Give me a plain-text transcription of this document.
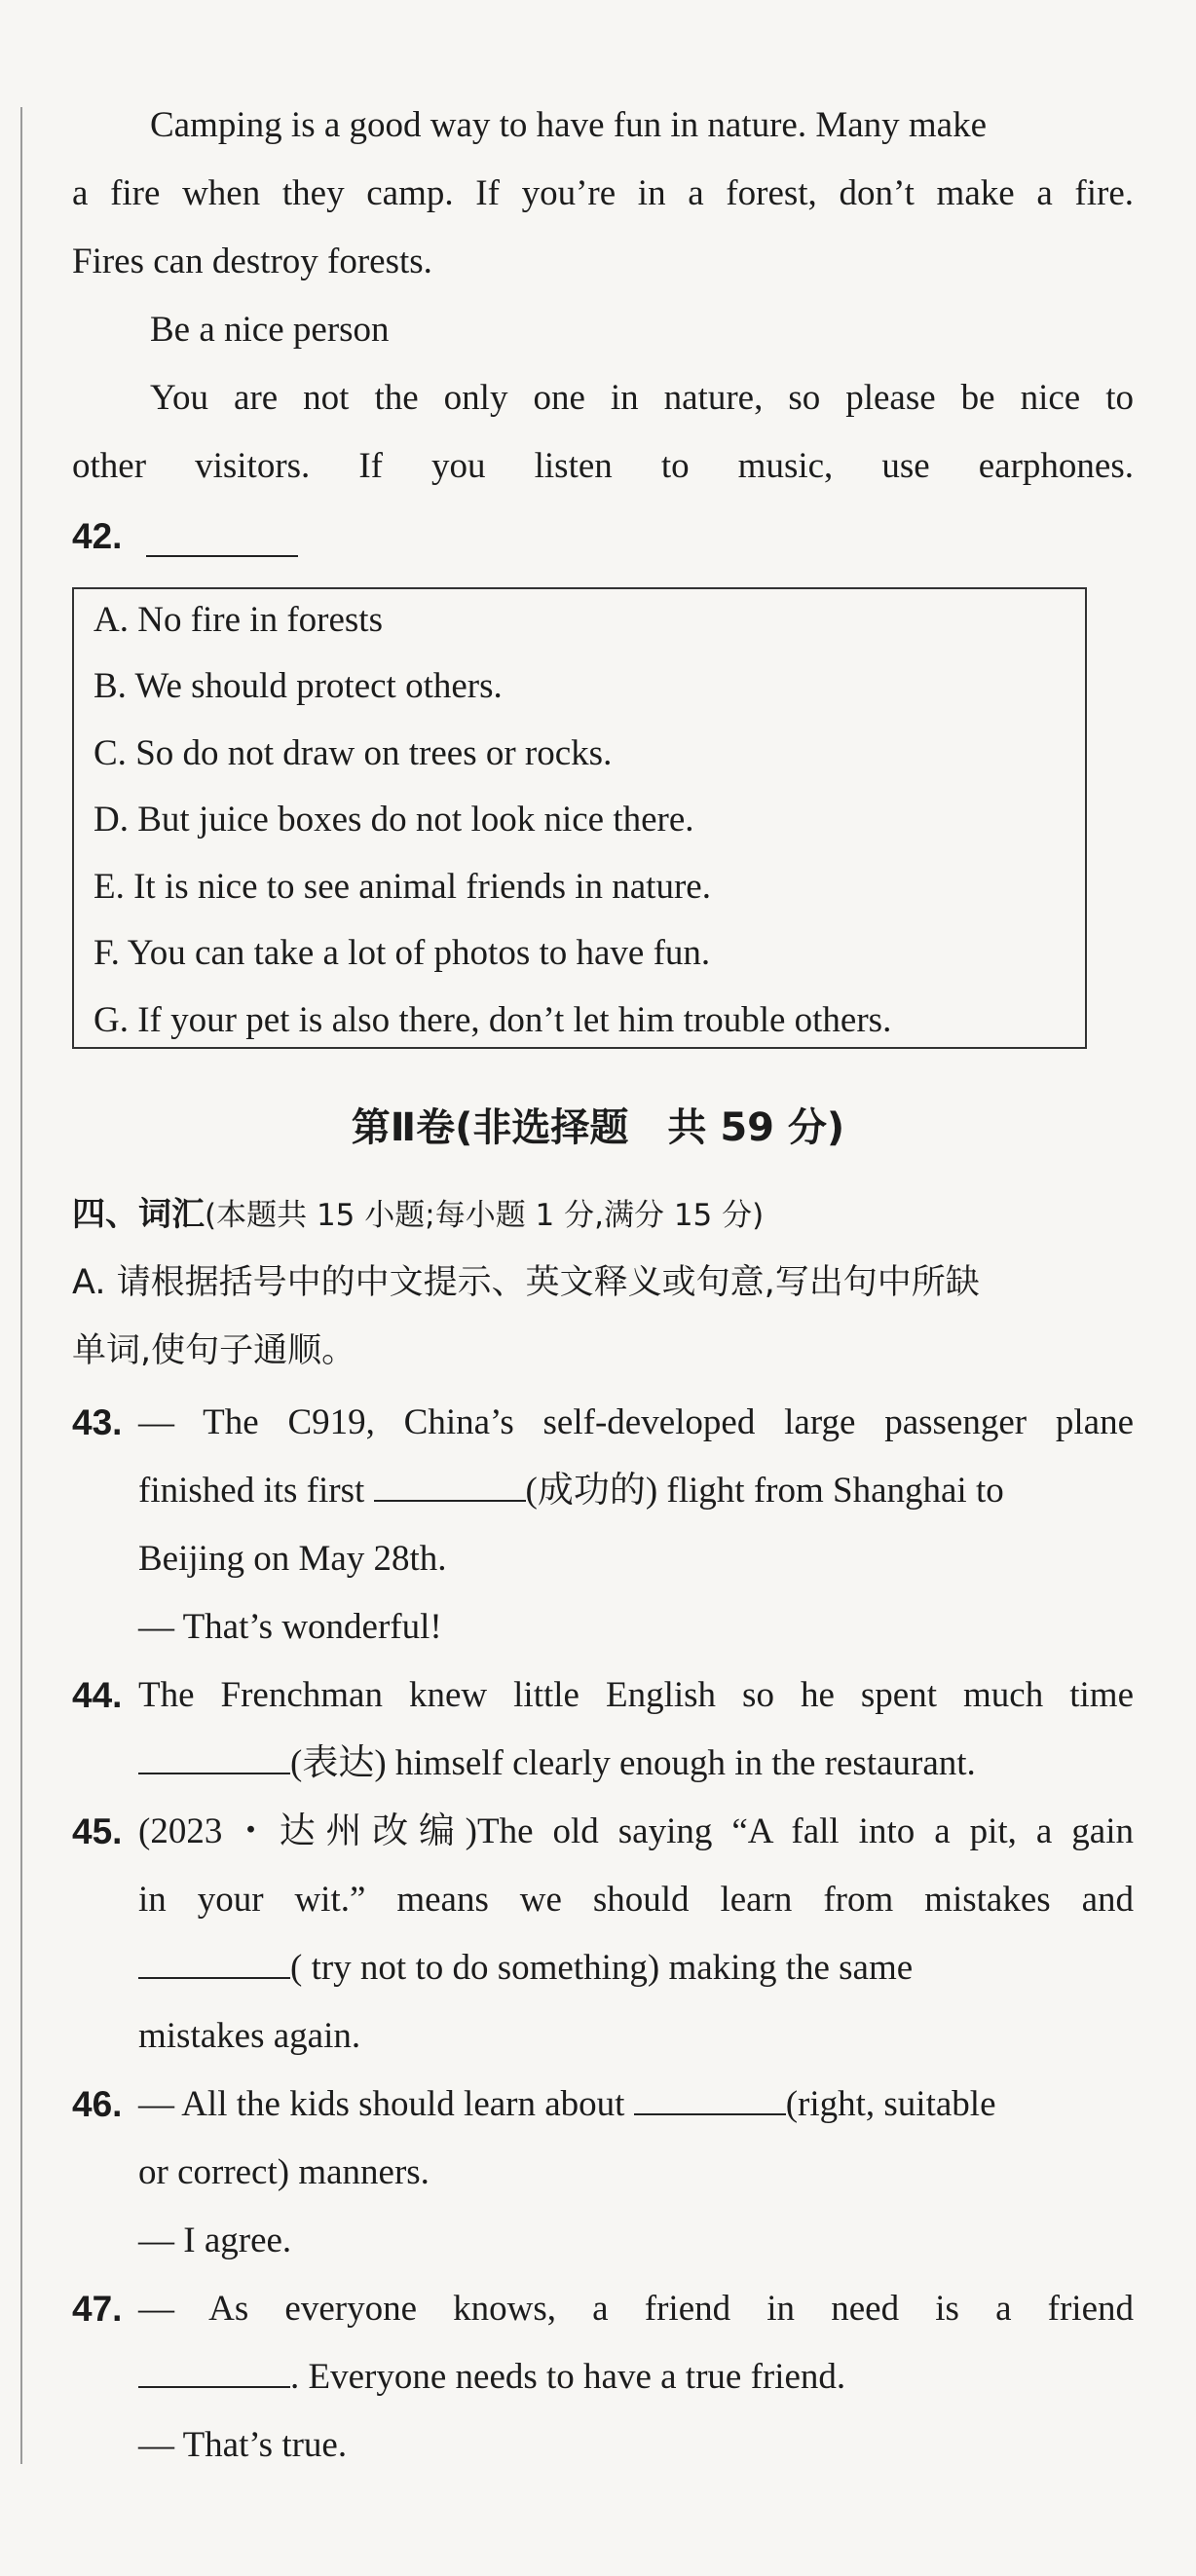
Camping is a good way to have fun in nature. Many make
a fire when they camp. If you’re in a forest, don’t make a fire.
Fires can destroy forests.
Be a nice person
You are not the only one in nature, so please be nice to
other visitors. If you listen to music, use earphones.
42.
A. No fire in forests
B. We should protect others.
C. So do not draw on trees or rocks.
D. But juice boxes do not look nice there.
E. It is nice to see animal friends in nature.
F. You can take a lot of photos to have fun.
G. If your pet is also there, don’t let him trouble others.
第Ⅱ卷(非选择题　共 59 分)
四、词汇(本题共 15 小题;每小题 1 分,满分 15 分)
A. 请根据括号中的中文提示、英文释义或句意,写出句中所缺
单词,使句子通顺。
43. — The C919, China’s self-developed large passenger plane
finished its first	(成功的) flight from Shanghai to
Beijing on May 28th.
— That’s wonderful!
44. The Frenchman knew little English so he spent much time
(表达) himself clearly enough in the restaurant.
45. (2023・达州改编)The old saying “A fall into a pit, a gain
in your wit.” means we should learn from mistakes and
( try not to do something) making the same
mistakes again.
46. — All the kids should learn about	(right, suitable
or correct) manners.
— I agree.
47. — As everyone knows, a friend in need is a friend
. Everyone needs to have a true friend.
— That’s true.
